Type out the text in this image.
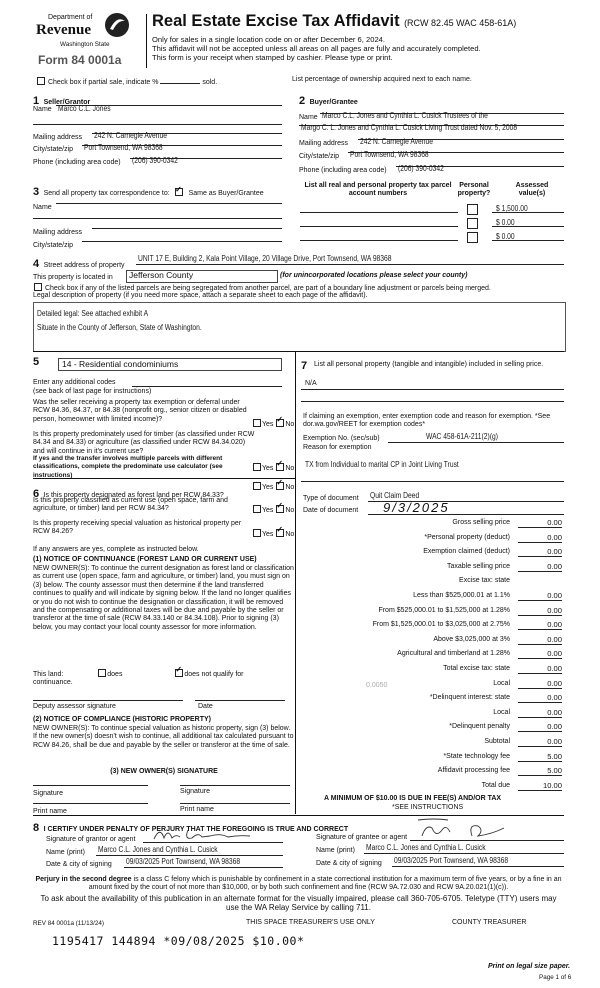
Department of
Revenue
Washington State
Form 84 0001a
Real Estate Excise Tax Affidavit (RCW 82.45 WAC 458-61A)
Only for sales in a single location code on or after December 6, 2024.
This affidavit will not be accepted unless all areas on all pages are fully and accurately completed.
This form is your receipt when stamped by cashier. Please type or print.
Check box if partial sale, indicate %	sold.	List percentage of ownership acquired next to each name.
1 Seller/Grantor
Name Marco C.L. Jones
Mailing address 242 N. Carnegie Avenue
City/state/zip Port Townsend, WA 98368
Phone (including area code) (206) 390-0342
2 Buyer/Grantee
Name Marco C.L. Jones and Cynthia L. Cusick Trustees of the
Margo C. L. Jones and Cynthia L. Cusick Living Trust dated Nov. 5, 2008
Mailing address 242 N. Carnegie Avenue
City/state/zip Port Townsend, WA 98368
Phone (including area code) (206) 390-0342
3 Send all property tax correspondence to: ✓	Same as Buyer/Grantee
Name
Mailing address
City/state/zip
List all real and personal property tax parcel account numbers
Personal property?
Assessed value(s)
$ 1,500.00
$ 0.00
$ 0.00
4 Street address of property
UNIT 17 E, Building 2, Kala Point Village, 20 Village Drive, Port Townsend, WA 98368
This property is located in Jefferson County	(for unincorporated locations please select your county)
Check box if any of the listed parcels are being segregated from another parcel, are part of a boundary line adjustment or parcels being merged.
Legal description of property (if you need more space, attach a separate sheet to each page of the affidavit).
Detailed legal: See attached exhibit A
Situate in the County of Jefferson, State of Washington.
5	14 - Residential condominiums
Enter any additional codes
(see back of last page for instructions)
Was the seller receiving a property tax exemption or deferral under RCW 84.36, 84.37, or 84.38 (nonprofit org., senior citizen or disabled person, homeowner with limited income)?
Yes ✓ No
Is this property predominately used for timber (as classified under RCW 84.34 and 84.33) or agriculture (as classified under RCW 84.34.020) and will continue in it's current use?
If yes and the transfer involves multiple parcels with different classifications, complete the predominate use calculator (see instructions)
Yes ✓ No
6 Is this property designated as forest land per RCW 84.33?
Yes ✓ No
Is this property classified as current use (open space, farm and agriculture, or timber) land per RCW 84.34?	Yes ✓ No
Is this property receiving special valuation as historical property per RCW 84.26?	Yes ✓ No
If any answers are yes, complete as instructed below.
(1) NOTICE OF CONTINUANCE (FOREST LAND OR CURRENT USE)
NEW OWNER(S): To continue the current designation as forest land or classification as current use (open space, farm and agriculture, or timber) land, you must sign on (3) below. The county assessor must then determine if the land transferred continues to qualify and will indicate by signing below. If the land no longer qualifies or you do not wish to continue the designation or classification, it will be removed and the compensating or additional taxes will be due and payable by the seller or transferor at the time of sale (RCW 84.33.140 or 84.34.108). Prior to signing (3) below, you may contact your local county assessor for more information.
This land:	does ✓	does not qualify for
continuance.
Deputy assessor signature	Date
(2) NOTICE OF COMPLIANCE (HISTORIC PROPERTY)
NEW OWNER(S): To continue special valuation as historic property, sign (3) below. If the new owner(s) doesn't wish to continue, all additional tax calculated pursuant to RCW 84.26, shall be due and payable by the seller or transferor at the time of sale.
(3) NEW OWNER(S) SIGNATURE
Signature	Signature
Print name	Print name
7 List all personal property (tangible and intangible) included in selling price.
N/A
If claiming an exemption, enter exemption code and reason for exemption. *See dor.wa.gov/REET for exemption codes*
Exemption No. (sec/sub)	WAC 458-61A-211(2)(g)
Reason for exemption
TX from Individual to marital CP in Joint Living Trust
Type of document Quit Claim Deed
Date of document 9/3/2025
Gross selling price	0.00
*Personal property (deduct)	0.00
Exemption claimed (deduct)	0.00
Taxable selling price	0.00
Excise tax: state
Less than $525,000.01 at 1.1%	0.00
From $525,000.01 to $1,525,000 at 1.28%	0.00
From $1,525,000.01 to $3,025,000 at 2.75%	0.00
Above $3,025,000 at 3%	0.00
Agricultural and timberland at 1.28%	0.00
Total excise tax: state	0.00
Local	0.00
*Delinquent interest: state	0.00
Local	0.00
*Delinquent penalty	0.00
Subtotal	0.00
*State technology fee	5.00
Affidavit processing fee	5.00
Total due	10.00
0.0050
A MINIMUM OF $10.00 IS DUE IN FEE(S) AND/OR TAX
*SEE INSTRUCTIONS
8 I CERTIFY UNDER PENALTY OF PERJURY THAT THE FOREGOING IS TRUE AND CORRECT
Signature of grantor or agent
Name (print) Marco C.L. Jones and Cynthia L. Cusick
Date & city of signing 09/03/2025 Port Townsend, WA 98368
Signature of grantee or agent
Name (print) Marco C.L. Jones and Cynthia L. Cusick
Date & city of signing 09/03/2025 Port Townsend, WA 98368
Perjury in the second degree is a class C felony which is punishable by confinement in a state correctional institution for a maximum term of five years, or by a fine in an amount fixed by the court of not more than $10,000, or by both such confinement and fine (RCW 9A.72.030 and RCW 9A.20.021(1)(c)).
To ask about the availability of this publication in an alternate format for the visually impaired, please call 360-705-6705. Teletype (TTY) users may use the WA Relay Service by calling 711.
REV 84 0001a (11/13/24)	THIS SPACE TREASURER'S USE ONLY	COUNTY TREASURER
1195417 144894 *09/08/2025 $10.00*
Print on legal size paper.
Page 1 of 6
